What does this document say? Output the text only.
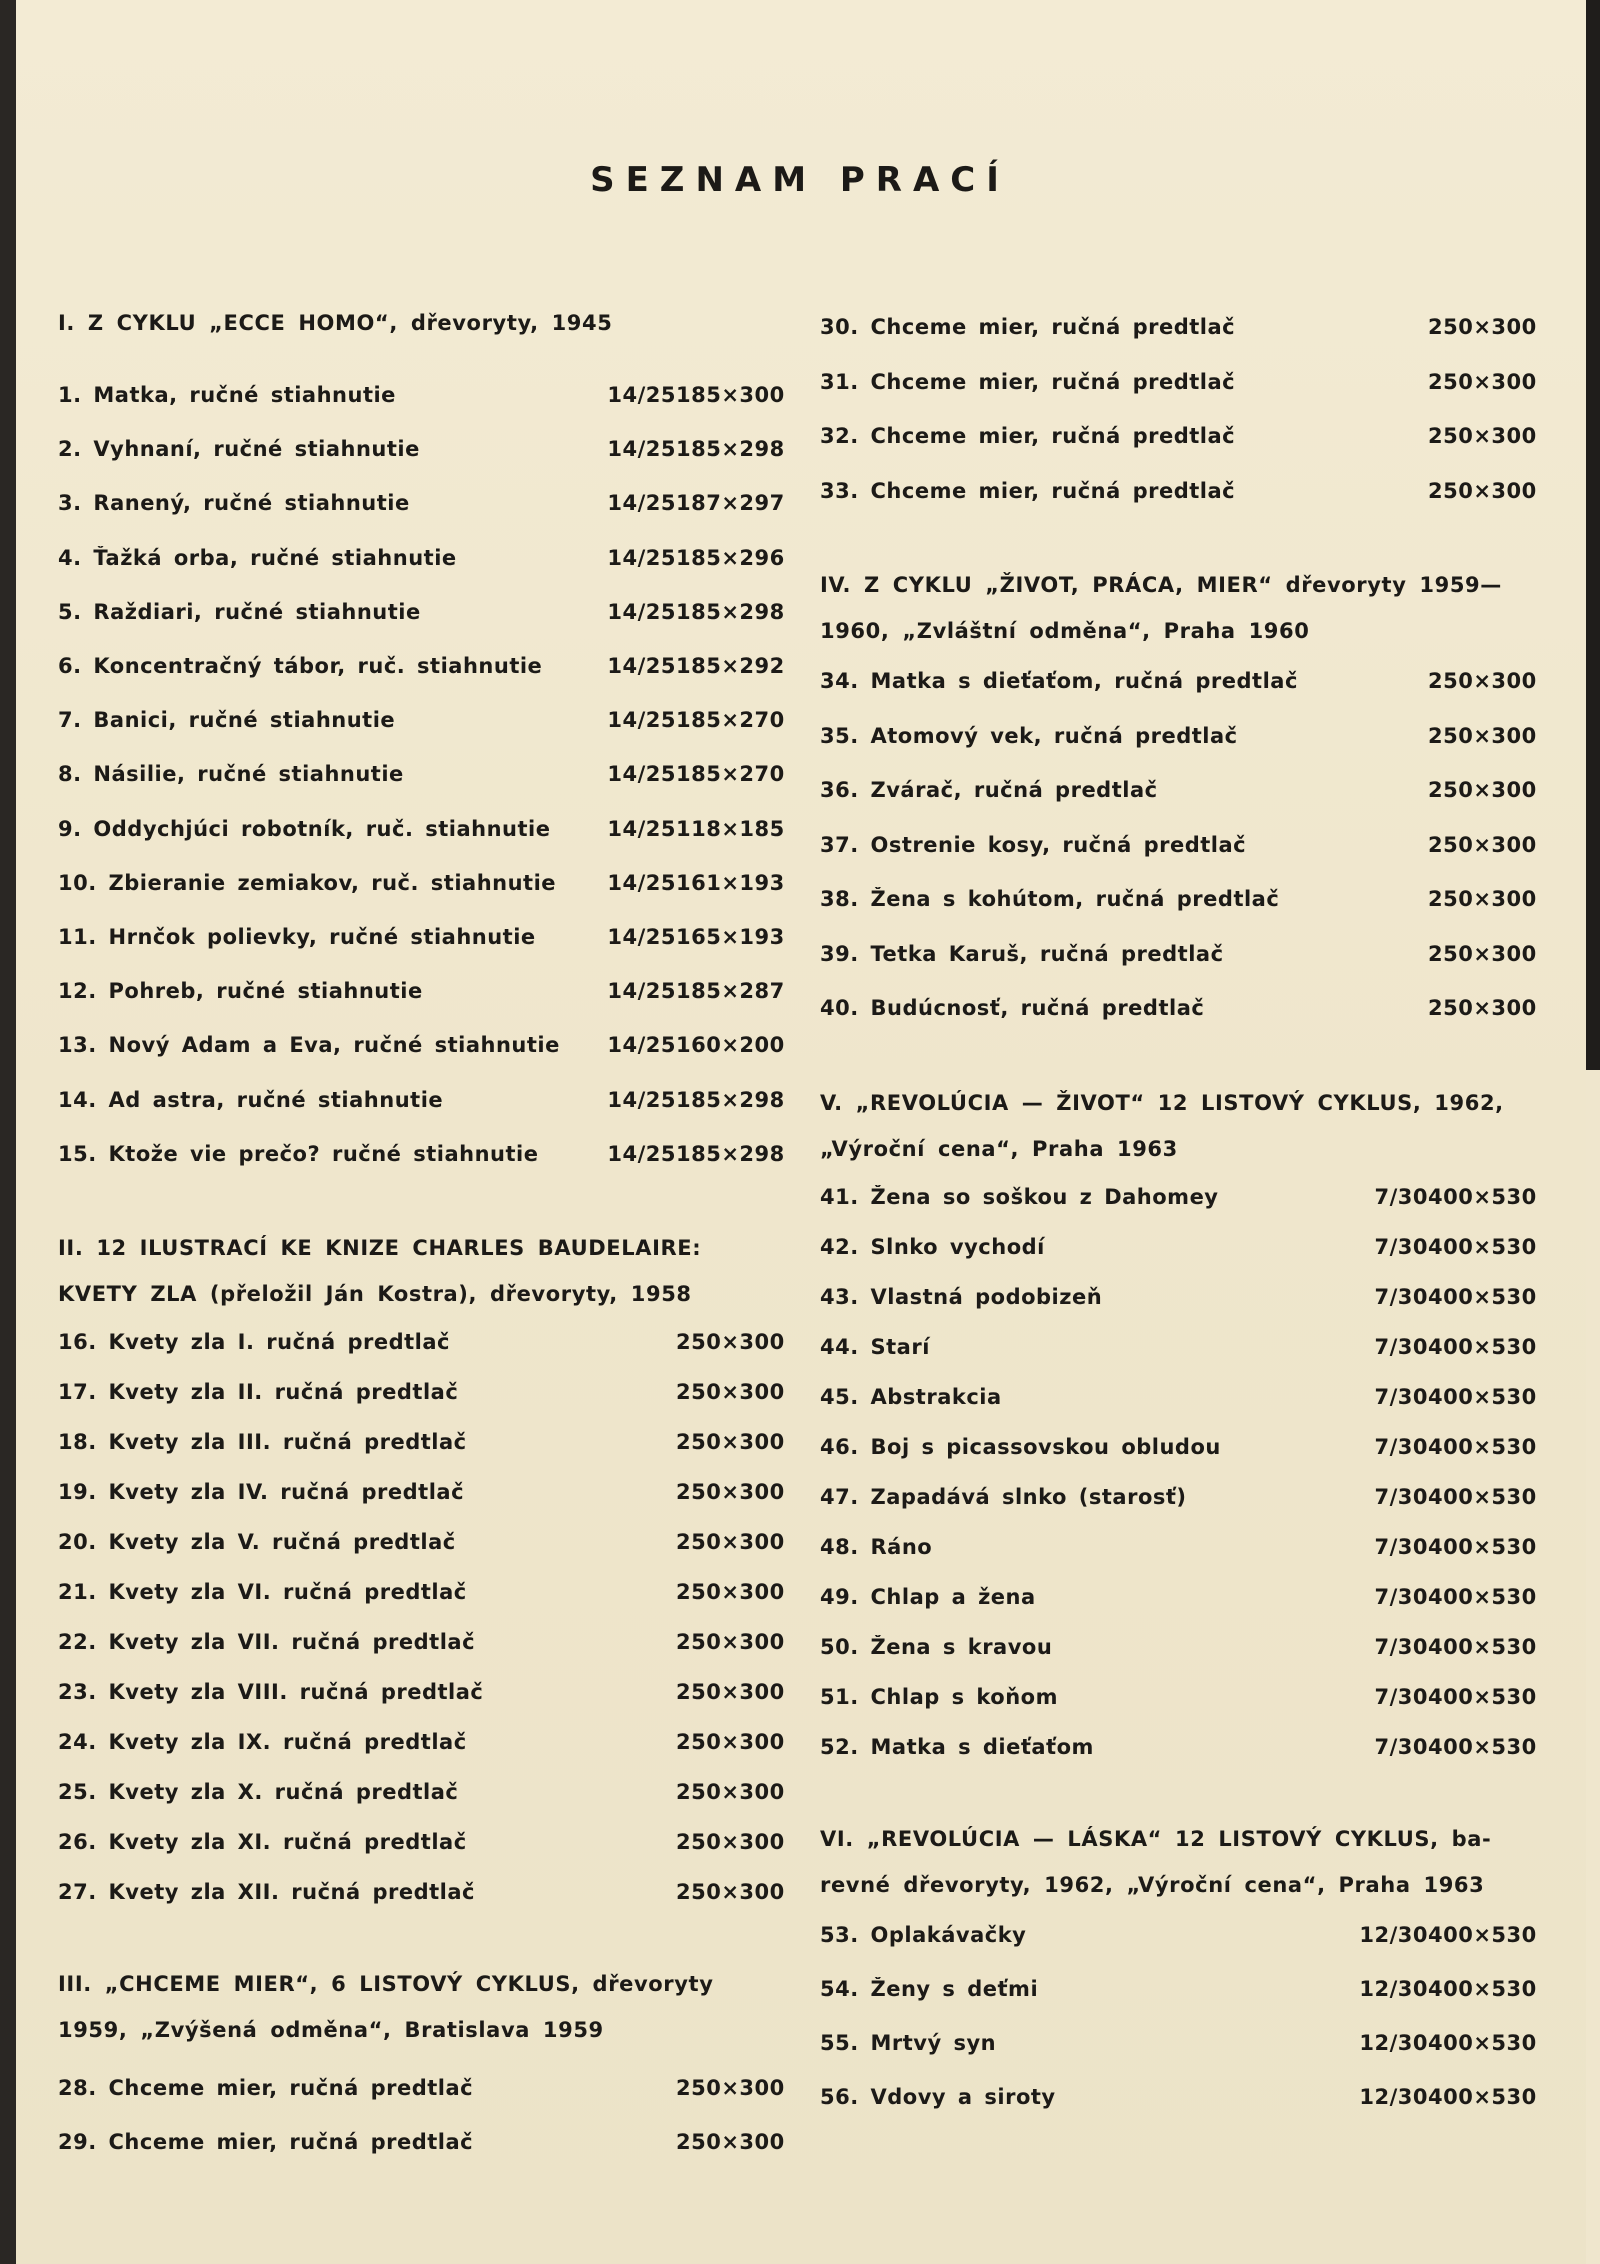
SEZNAM PRACÍ
I. Z CYKLU „ECCE HOMO“, dřevoryty, 1945
1. Matka, ručné stiahnutie	14/25 185×300
2. Vyhnaní, ručné stiahnutie	14/25 185×298
3. Ranený, ručné stiahnutie	14/25 187×297
4. Ťažká orba, ručné stiahnutie	14/25 185×296
5. Raždiari, ručné stiahnutie	14/25 185×298
6. Koncentračný tábor, ruč. stiahnutie	14/25 185×292
7. Banici, ručné stiahnutie	14/25 185×270
8. Násilie, ručné stiahnutie	14/25 185×270
9. Oddychjúci robotník, ruč. stiahnutie	14/25 118×185
10. Zbieranie zemiakov, ruč. stiahnutie	14/25 161×193
11. Hrnčok polievky, ručné stiahnutie	14/25 165×193
12. Pohreb, ručné stiahnutie	14/25 185×287
13. Nový Adam a Eva, ručné stiahnutie	14/25 160×200
14. Ad astra, ručné stiahnutie	14/25 185×298
15. Ktože vie prečo? ručné stiahnutie	14/25 185×298
II. 12 ILUSTRACÍ KE KNIZE CHARLES BAUDELAIRE:
KVETY ZLA (přeložil Ján Kostra), dřevoryty, 1958
16. Kvety zla I. ručná predtlač	250×300
17. Kvety zla II. ručná predtlač	250×300
18. Kvety zla III. ručná predtlač	250×300
19. Kvety zla IV. ručná predtlač	250×300
20. Kvety zla V. ručná predtlač	250×300
21. Kvety zla VI. ručná predtlač	250×300
22. Kvety zla VII. ručná predtlač	250×300
23. Kvety zla VIII. ručná predtlač	250×300
24. Kvety zla IX. ručná predtlač	250×300
25. Kvety zla X. ručná predtlač	250×300
26. Kvety zla XI. ručná predtlač	250×300
27. Kvety zla XII. ručná predtlač	250×300
III. „CHCEME MIER“, 6 LISTOVÝ CYKLUS, dřevoryty
1959, „Zvýšená odměna“, Bratislava 1959
28. Chceme mier, ručná predtlač	250×300
29. Chceme mier, ručná predtlač	250×300
30. Chceme mier, ručná predtlač	250×300
31. Chceme mier, ručná predtlač	250×300
32. Chceme mier, ručná predtlač	250×300
33. Chceme mier, ručná predtlač	250×300
IV. Z CYKLU „ŽIVOT, PRÁCA, MIER“ dřevoryty 1959—
1960, „Zvláštní odměna“, Praha 1960
34. Matka s dieťaťom, ručná predtlač	250×300
35. Atomový vek, ručná predtlač	250×300
36. Zvárač, ručná predtlač	250×300
37. Ostrenie kosy, ručná predtlač	250×300
38. Žena s kohútom, ručná predtlač	250×300
39. Tetka Karuš, ručná predtlač	250×300
40. Budúcnosť, ručná predtlač	250×300
V. „REVOLÚCIA — ŽIVOT“ 12 LISTOVÝ CYKLUS, 1962,
„Výroční cena“, Praha 1963
41. Žena so soškou z Dahomey	7/30 400×530
42. Slnko vychodí	7/30 400×530
43. Vlastná podobizeň	7/30 400×530
44. Starí	7/30 400×530
45. Abstrakcia	7/30 400×530
46. Boj s picassovskou obludou	7/30 400×530
47. Zapadává slnko (starosť)	7/30 400×530
48. Ráno	7/30 400×530
49. Chlap a žena	7/30 400×530
50. Žena s kravou	7/30 400×530
51. Chlap s koňom	7/30 400×530
52. Matka s dieťaťom	7/30 400×530
VI. „REVOLÚCIA — LÁSKA“ 12 LISTOVÝ CYKLUS, ba-
revné dřevoryty, 1962, „Výroční cena“, Praha 1963
53. Oplakávačky	12/30 400×530
54. Ženy s deťmi	12/30 400×530
55. Mrtvý syn	12/30 400×530
56. Vdovy a siroty	12/30 400×530
